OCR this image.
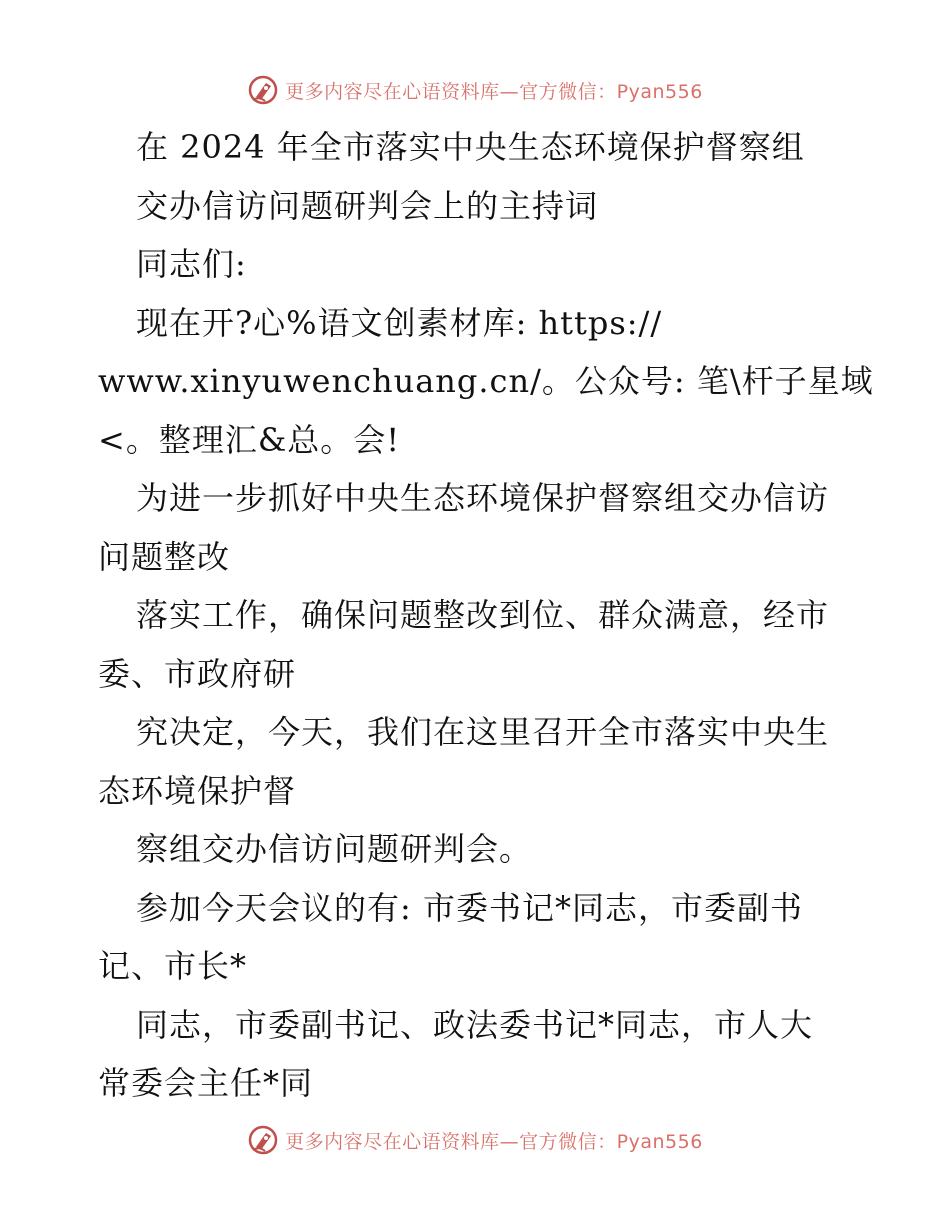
更多内容尽在心语资料库—官方微信：Pyan556
在 2024 年全市落实中央生态环境保护督察组
交办信访问题研判会上的主持词
同志们:
现在开?心%语文创素材库: https://
www.xinyuwenchuang.cn/。公众号: 笔\杆子星域
<。整理汇&总。会!
为进一步抓好中央生态环境保护督察组交办信访
问题整改
落实工作，确保问题整改到位、群众满意，经市
委、市政府研
究决定，今天，我们在这里召开全市落实中央生
态环境保护督
察组交办信访问题研判会。
参加今天会议的有: 市委书记*同志，市委副书
记、市长*
同志，市委副书记、政法委书记*同志，市人大
常委会主任*同
更多内容尽在心语资料库—官方微信：Pyan556
